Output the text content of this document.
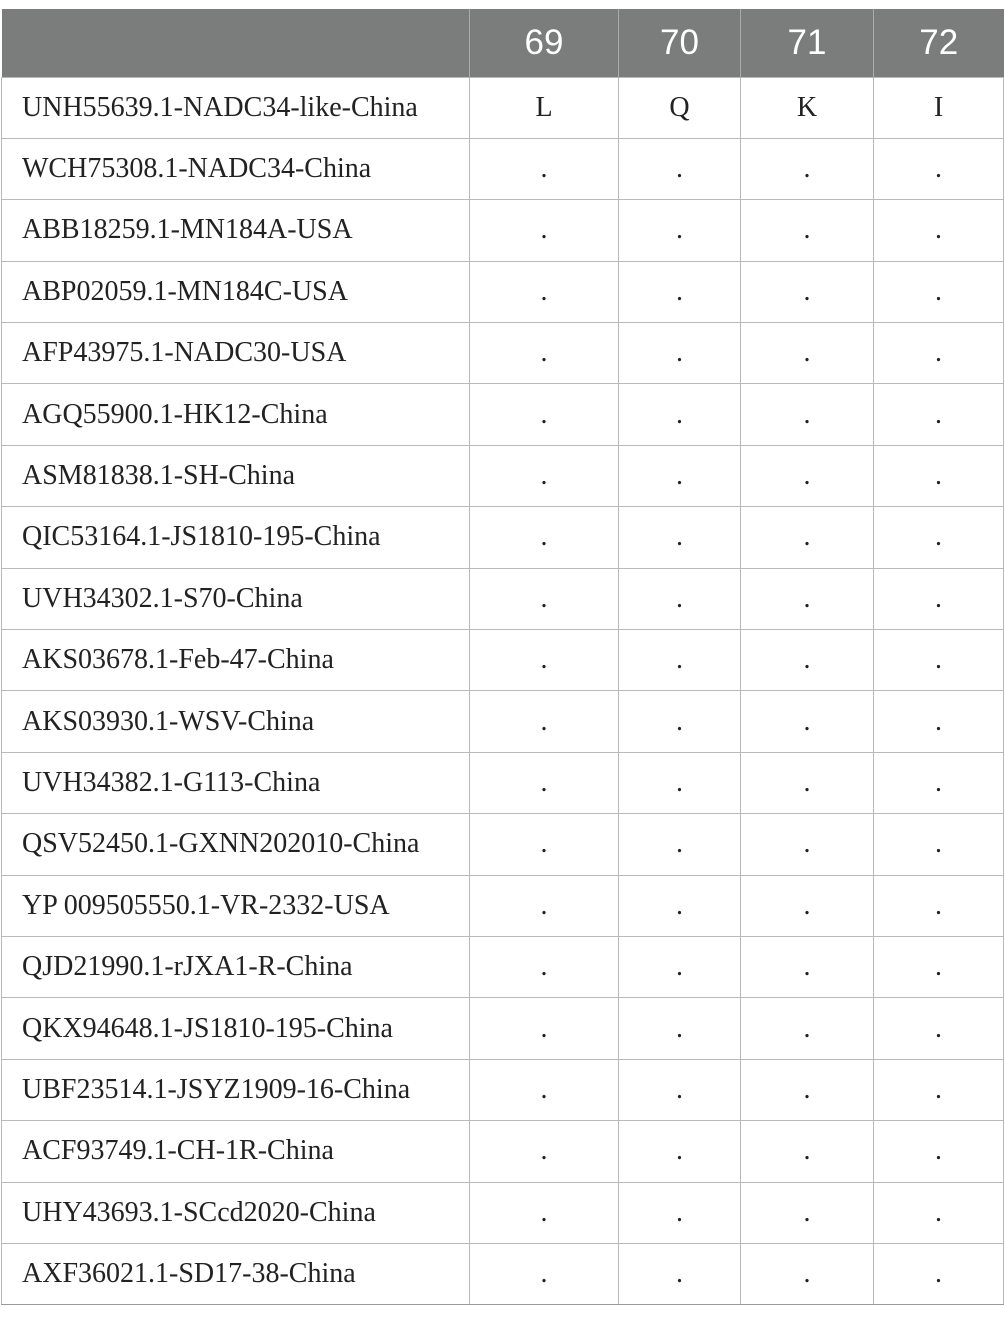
	69	70	71	72
UNH55639.1-NADC34-like-China	L	Q	K	I
WCH75308.1-NADC34-China	.	.	.	.
ABB18259.1-MN184A-USA	.	.	.	.
ABP02059.1-MN184C-USA	.	.	.	.
AFP43975.1-NADC30-USA	.	.	.	.
AGQ55900.1-HK12-China	.	.	.	.
ASM81838.1-SH-China	.	.	.	.
QIC53164.1-JS1810-195-China	.	.	.	.
UVH34302.1-S70-China	.	.	.	.
AKS03678.1-Feb-47-China	.	.	.	.
AKS03930.1-WSV-China	.	.	.	.
UVH34382.1-G113-China	.	.	.	.
QSV52450.1-GXNN202010-China	.	.	.	.
YP 009505550.1-VR-2332-USA	.	.	.	.
QJD21990.1-rJXA1-R-China	.	.	.	.
QKX94648.1-JS1810-195-China	.	.	.	.
UBF23514.1-JSYZ1909-16-China	.	.	.	.
ACF93749.1-CH-1R-China	.	.	.	.
UHY43693.1-SCcd2020-China	.	.	.	.
AXF36021.1-SD17-38-China	.	.	.	.
